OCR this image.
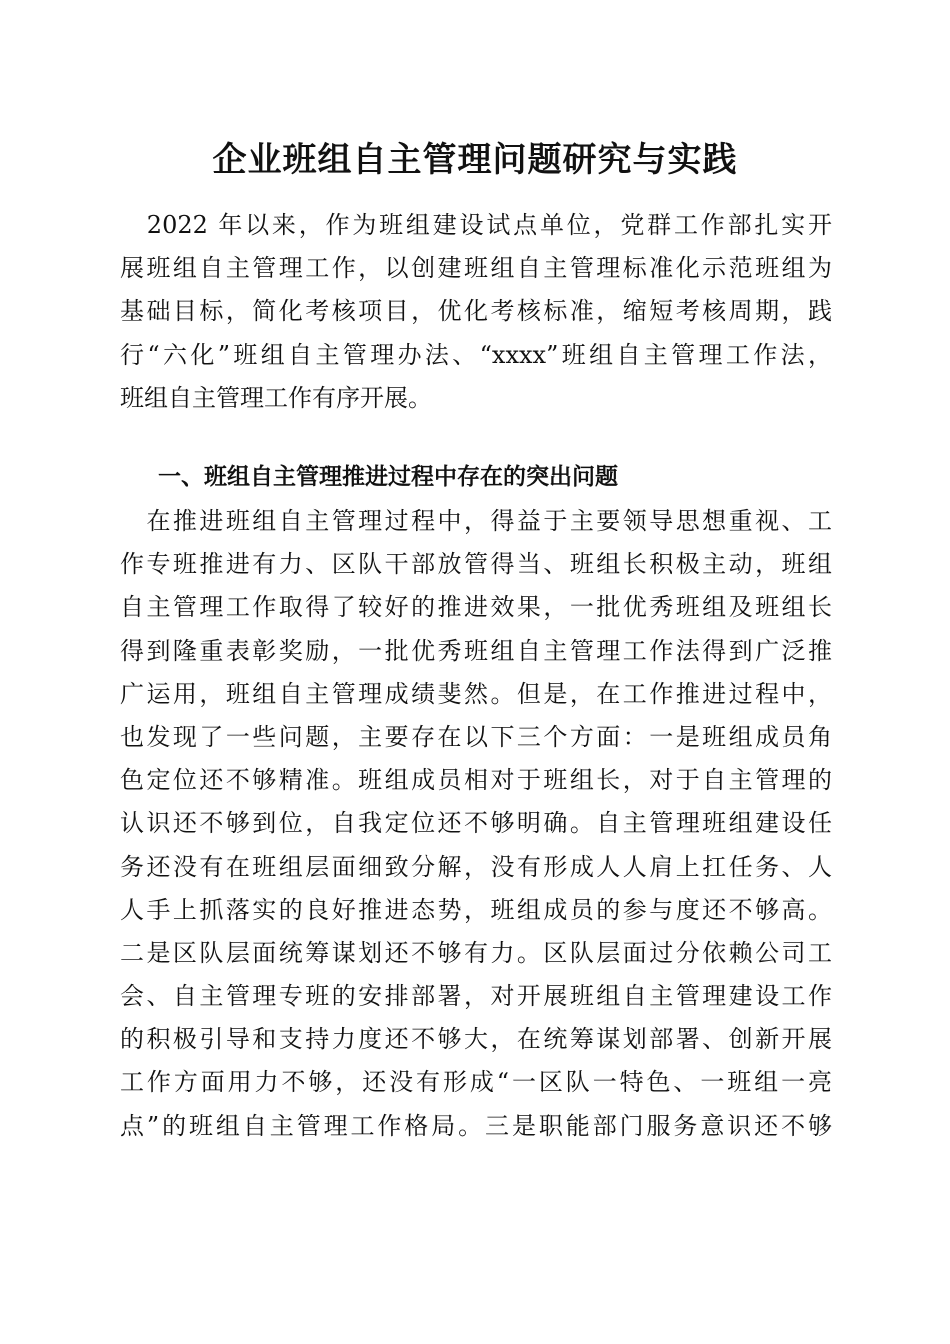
企业班组自主管理问题研究与实践
　2022 年以来，作为班组建设试点单位，党群工作部扎实开
展班组自主管理工作，以创建班组自主管理标准化示范班组为
基础目标，简化考核项目，优化考核标准，缩短考核周期，践
行“六化”班组自主管理办法、“xxxx”班组自主管理工作法，
班组自主管理工作有序开展。
一、班组自主管理推进过程中存在的突出问题
　在推进班组自主管理过程中，得益于主要领导思想重视、工
作专班推进有力、区队干部放管得当、班组长积极主动，班组
自主管理工作取得了较好的推进效果，一批优秀班组及班组长
得到隆重表彰奖励，一批优秀班组自主管理工作法得到广泛推
广运用，班组自主管理成绩斐然。但是，在工作推进过程中，
也发现了一些问题，主要存在以下三个方面：一是班组成员角
色定位还不够精准。班组成员相对于班组长，对于自主管理的
认识还不够到位，自我定位还不够明确。自主管理班组建设任
务还没有在班组层面细致分解，没有形成人人肩上扛任务、人
人手上抓落实的良好推进态势，班组成员的参与度还不够高。
二是区队层面统筹谋划还不够有力。区队层面过分依赖公司工
会、自主管理专班的安排部署，对开展班组自主管理建设工作
的积极引导和支持力度还不够大，在统筹谋划部署、创新开展
工作方面用力不够，还没有形成“一区队一特色、一班组一亮
点”的班组自主管理工作格局。三是职能部门服务意识还不够
